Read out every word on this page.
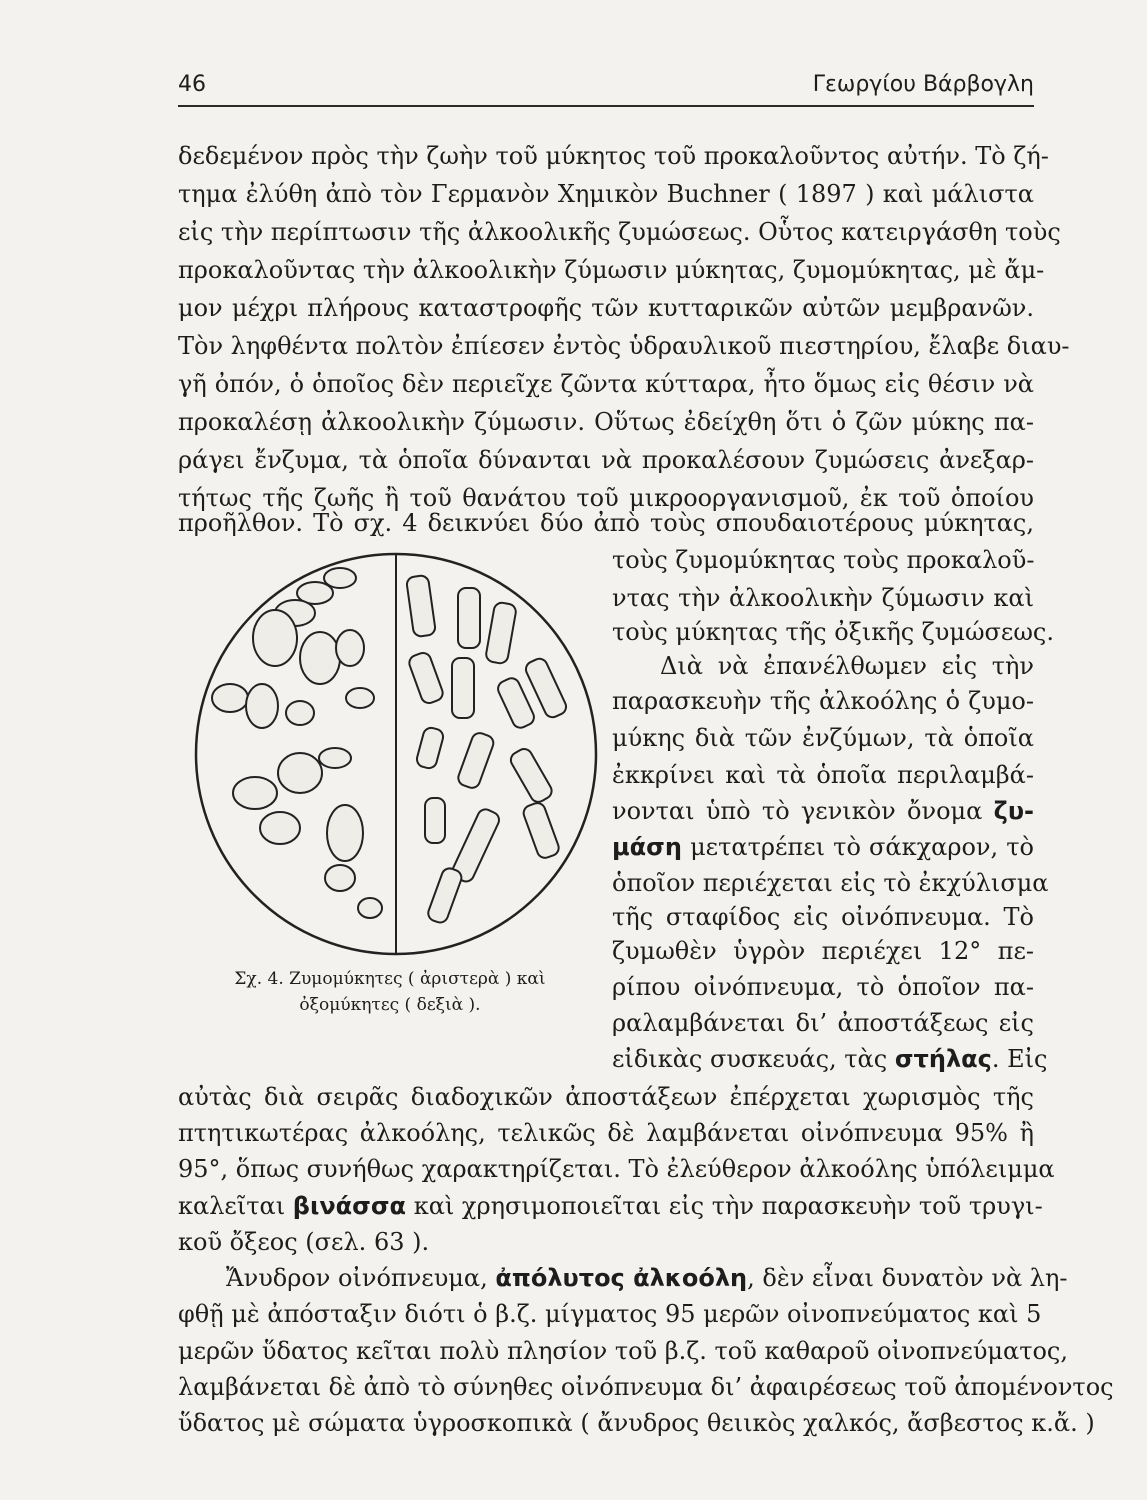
46	Γεωργίου Βάρβογλη
δεδεμένον πρὸς τὴν ζωὴν τοῦ μύκητος τοῦ προκαλοῦντος αὐτήν. Τὸ ζή-
τημα ἐλύθη ἀπὸ τὸν Γερμανὸν Χημικὸν Buchner ( 1897 ) καὶ μάλιστα
εἰς τὴν περίπτωσιν τῆς ἀλκοολικῆς ζυμώσεως. Οὗτος κατειργάσθη τοὺς
προκαλοῦντας τὴν ἀλκοολικὴν ζύμωσιν μύκητας, ζυμομύκητας, μὲ ἄμ-
μον μέχρι πλήρους καταστροφῆς τῶν κυτταρικῶν αὐτῶν μεμβρανῶν.
Τὸν ληφθέντα πολτὸν ἐπίεσεν ἐντὸς ὑδραυλικοῦ πιεστηρίου, ἔλαβε διαυ-
γῆ ὀπόν, ὁ ὁποῖος δὲν περιεῖχε ζῶντα κύτταρα, ἦτο ὅμως εἰς θέσιν νὰ
προκαλέσῃ ἀλκοολικὴν ζύμωσιν. Οὕτως ἐδείχθη ὅτι ὁ ζῶν μύκης πα-
ράγει ἔνζυμα, τὰ ὁποῖα δύνανται νὰ προκαλέσουν ζυμώσεις ἀνεξαρ-
τήτως τῆς ζωῆς ἢ τοῦ θανάτου τοῦ μικροοργανισμοῦ, ἐκ τοῦ ὁποίου
προῆλθον. Τὸ σχ. 4 δεικνύει δύο ἀπὸ τοὺς σπουδαιοτέρους μύκητας,
τοὺς ζυμομύκητας τοὺς προκαλοῦ-
ντας τὴν ἀλκοολικὴν ζύμωσιν καὶ
τοὺς μύκητας τῆς ὀξικῆς ζυμώσεως.
Διὰ νὰ ἐπανέλθωμεν εἰς τὴν
παρασκευὴν τῆς ἀλκοόλης ὁ ζυμο-
μύκης διὰ τῶν ἐνζύμων, τὰ ὁποῖα
ἐκκρίνει καὶ τὰ ὁποῖα περιλαμβά-
νονται ὑπὸ τὸ γενικὸν ὄνομα ζυ-
μάση μετατρέπει τὸ σάκχαρον, τὸ
ὁποῖον περιέχεται εἰς τὸ ἐκχύλισμα
τῆς σταφίδος εἰς οἰνόπνευμα. Τὸ
ζυμωθὲν ὑγρὸν περιέχει 12° πε-
ρίπου οἰνόπνευμα, τὸ ὁποῖον πα-
ραλαμβάνεται δι’ ἀποστάξεως εἰς
εἰδικὰς συσκευάς, τὰς στήλας. Εἰς
Σχ. 4. Ζυμομύκητες ( ἀριστερὰ ) καὶ
ὀξομύκητες ( δεξιὰ ).
αὐτὰς διὰ σειρᾶς διαδοχικῶν ἀποστάξεων ἐπέρχεται χωρισμὸς τῆς
πτητικωτέρας ἀλκοόλης, τελικῶς δὲ λαμβάνεται οἰνόπνευμα 95% ἢ
95°, ὅπως συνήθως χαρακτηρίζεται. Τὸ ἐλεύθερον ἀλκοόλης ὑπόλειμμα
καλεῖται βινάσσα καὶ χρησιμοποιεῖται εἰς τὴν παρασκευὴν τοῦ τρυγι-
κοῦ ὄξεος (σελ. 63 ).
Ἄνυδρον οἰνόπνευμα, ἀπόλυτος ἀλκοόλη, δὲν εἶναι δυνατὸν νὰ λη-
φθῇ μὲ ἀπόσταξιν διότι ὁ β.ζ. μίγματος 95 μερῶν οἰνοπνεύματος καὶ 5
μερῶν ὕδατος κεῖται πολὺ πλησίον τοῦ β.ζ. τοῦ καθαροῦ οἰνοπνεύματος,
λαμβάνεται δὲ ἀπὸ τὸ σύνηθες οἰνόπνευμα δι’ ἀφαιρέσεως τοῦ ἀπομένοντος
ὕδατος μὲ σώματα ὑγροσκοπικὰ ( ἄνυδρος θειικὸς χαλκός, ἄσβεστος κ.ἄ. )
